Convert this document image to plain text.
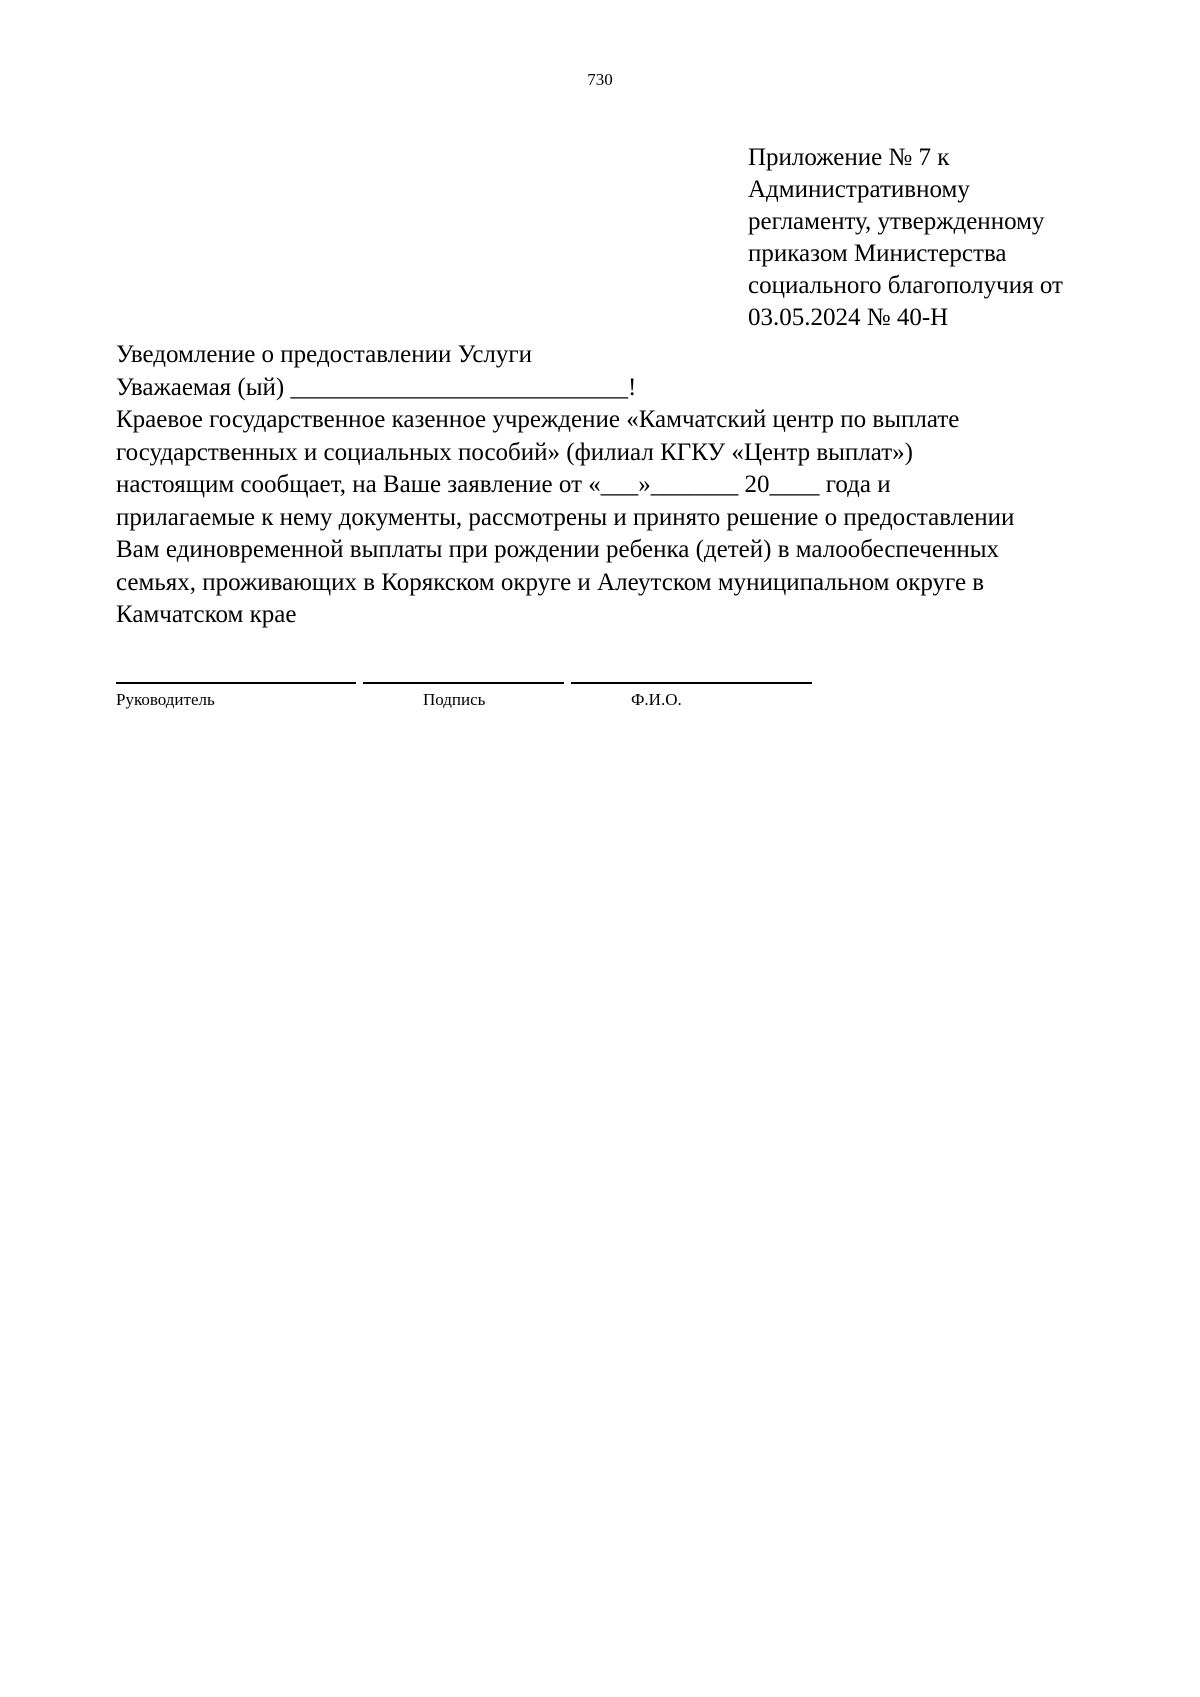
730
Приложение № 7 к
Административному
регламенту, утвержденному
приказом Министерства
социального благополучия от
03.05.2024 № 40-Н
Уведомление о предоставлении Услуги
Уважаемая (ый) ___________________________!
Краевое государственное казенное учреждение «Камчатский центр по выплате
государственных и социальных пособий» (филиал КГКУ «Центр выплат»)
настоящим сообщает, на Ваше заявление от «___»_______ 20____ года и
прилагаемые к нему документы, рассмотрены и принято решение о предоставлении
Вам единовременной выплаты при рождении ребенка (детей) в малообеспеченных
семьях, проживающих в Корякском округе и Алеутском муниципальном округе в
Камчатском крае
Руководитель	Подпись	Ф.И.О.
